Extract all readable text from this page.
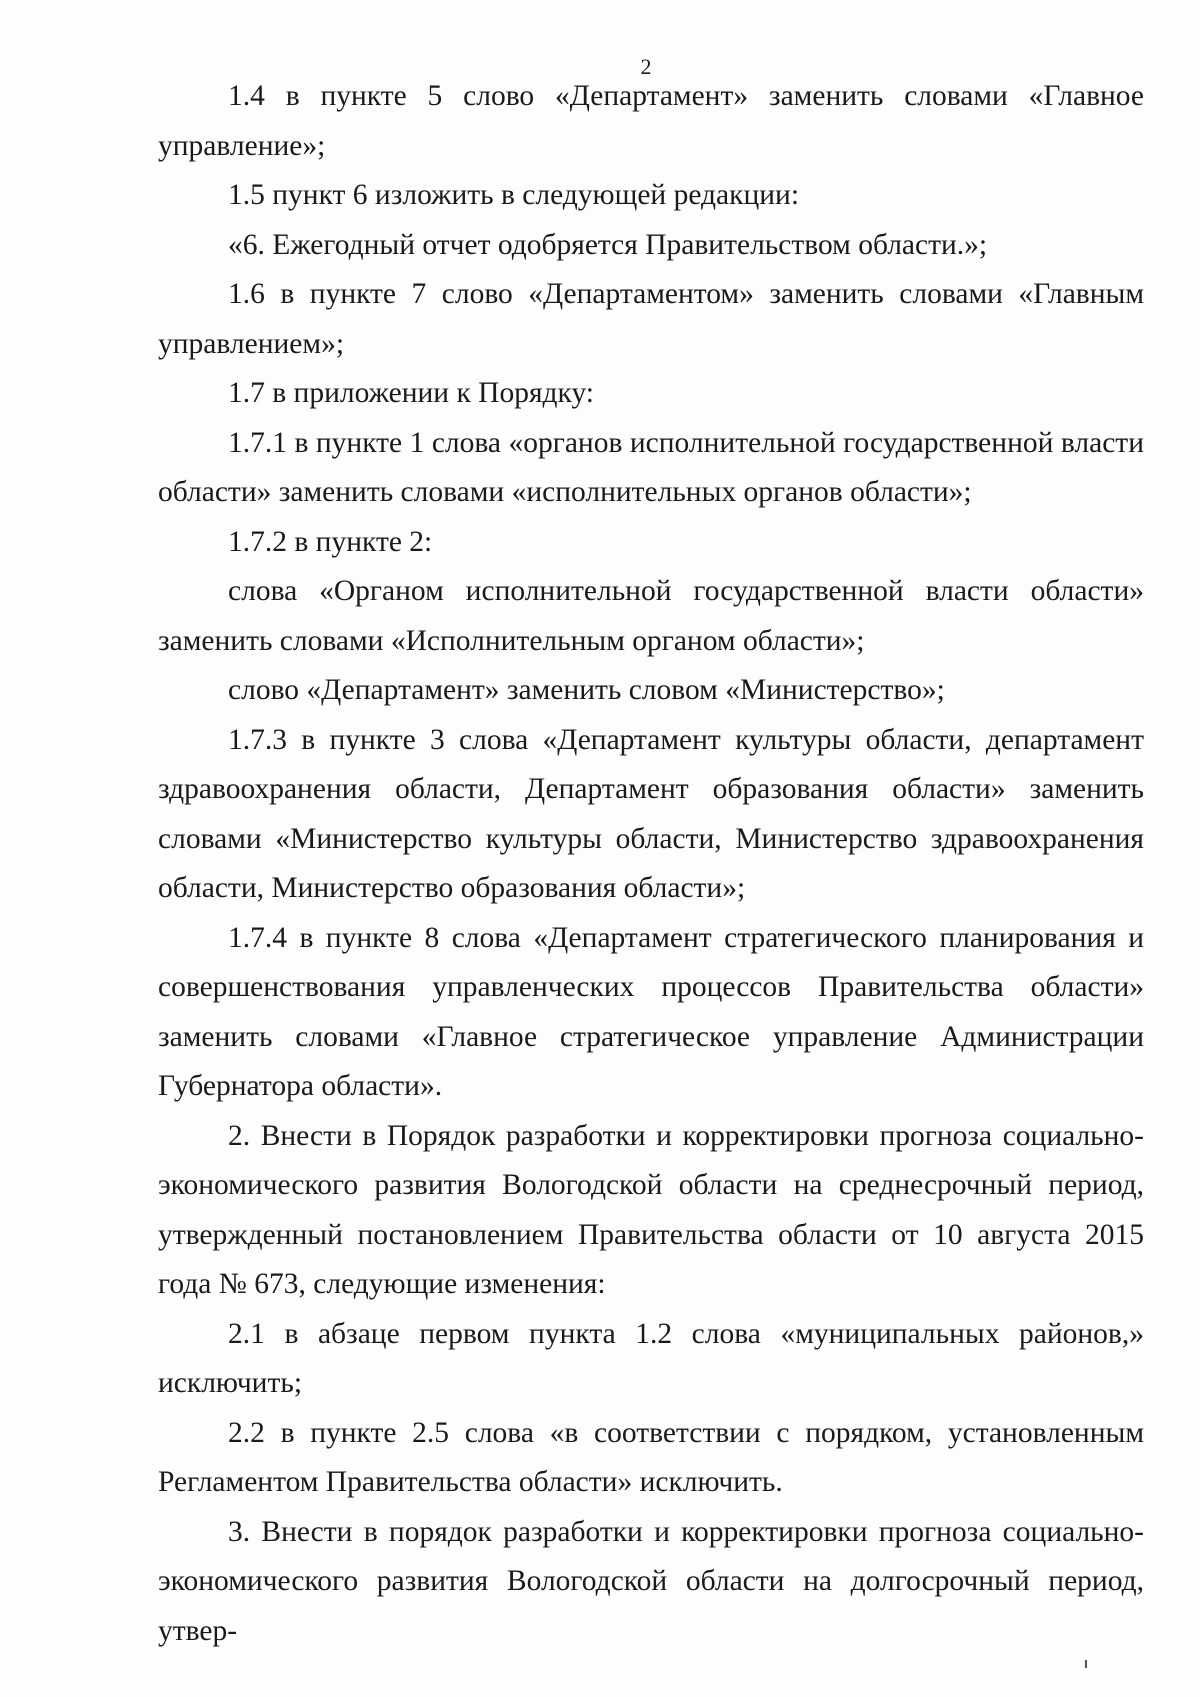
2

1.4 в пункте 5 слово «Департамент» заменить словами «Главное управление»;

1.5 пункт 6 изложить в следующей редакции:

«6. Ежегодный отчет одобряется Правительством области.»;

1.6 в пункте 7 слово «Департаментом» заменить словами «Главным управлением»;

1.7 в приложении к Порядку:

1.7.1 в пункте 1 слова «органов исполнительной государственной власти области» заменить словами «исполнительных органов области»;

1.7.2 в пункте 2:

слова «Органом исполнительной государственной власти области» заменить словами «Исполнительным органом области»;

слово «Департамент» заменить словом «Министерство»;

1.7.3 в пункте 3 слова «Департамент культуры области, департамент здравоохранения области, Департамент образования области» заменить словами «Министерство культуры области, Министерство здравоохранения области, Министерство образования области»;

1.7.4 в пункте 8 слова «Департамент стратегического планирования и совершенствования управленческих процессов Правительства области» заменить словами «Главное стратегическое управление Администрации Губернатора области».

2. Внести в Порядок разработки и корректировки прогноза социально-экономического развития Вологодской области на среднесрочный период, утвержденный постановлением Правительства области от 10 августа 2015 года № 673, следующие изменения:

2.1 в абзаце первом пункта 1.2 слова «муниципальных районов,» исключить;

2.2 в пункте 2.5 слова «в соответствии с порядком, установленным Регламентом Правительства области» исключить.

3. Внести в порядок разработки и корректировки прогноза социально-экономического развития Вологодской области на долгосрочный период, утвер-
